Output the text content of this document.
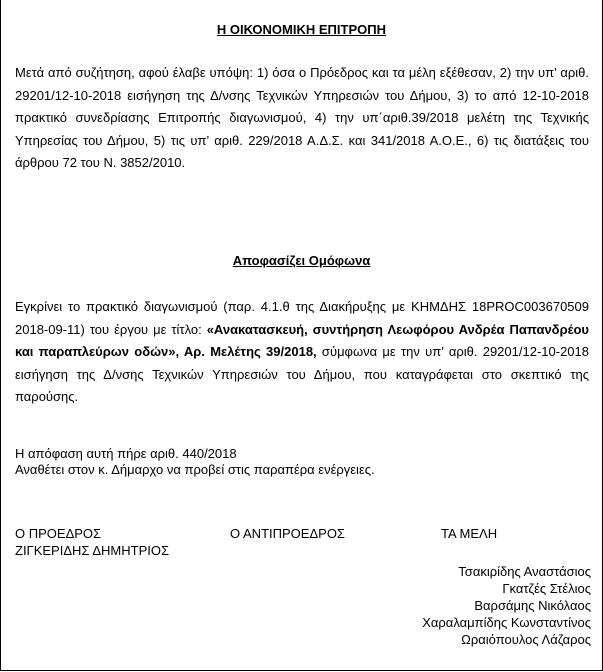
Η ΟΙΚΟΝΟΜΙΚΗ ΕΠΙΤΡΟΠΗ
Μετά από συζήτηση, αφού έλαβε υπόψη: 1) όσα ο Πρόεδρος και τα μέλη εξέθεσαν, 2) την υπ’ αριθ. 29201/12-10-2018 εισήγηση της Δ/νσης Τεχνικών Υπηρεσιών του Δήμου, 3) το από 12-10-2018 πρακτικό συνεδρίασης Επιτροπής διαγωνισμού, 4) την υπ΄αριθ.39/2018 μελέτη της Τεχνικής Υπηρεσίας του Δήμου, 5) τις υπ’ αριθ. 229/2018 Α.Δ.Σ. και 341/2018 Α.Ο.Ε., 6) τις διατάξεις του άρθρου 72 του Ν. 3852/2010.
Αποφασίζει Ομόφωνα
Εγκρίνει το πρακτικό διαγωνισμού (παρ. 4.1.θ της Διακήρυξης με ΚΗΜΔΗΣ 18PROC003670509 2018-09-11) του έργου με τίτλο: «Ανακατασκευή, συντήρηση Λεωφόρου Ανδρέα Παπανδρέου και παραπλεύρων οδών», Αρ. Μελέτης 39/2018, σύμφωνα με την υπ’ αριθ. 29201/12-10-2018 εισήγηση της Δ/νσης Τεχνικών Υπηρεσιών του Δήμου, που καταγράφεται στο σκεπτικό της παρούσης.
Η απόφαση αυτή πήρε αριθ. 440/2018
Αναθέτει στον κ. Δήμαρχο να προβεί στις παραπέρα ενέργειες.
Ο ΠΡΟΕΔΡΟΣ
ΖΙΓΚΕΡΙΔΗΣ ΔΗΜΗΤΡΙΟΣ
Ο ΑΝΤΙΠΡΟΕΔΡΟΣ	ΤΑ ΜΕΛΗ
Τσακιρίδης Αναστάσιος
Γκατζές Στέλιος
Βαρσάμης Νικόλαος
Χαραλαμπίδης Κωνσταντίνος
Ωραιόπουλος Λάζαρος
